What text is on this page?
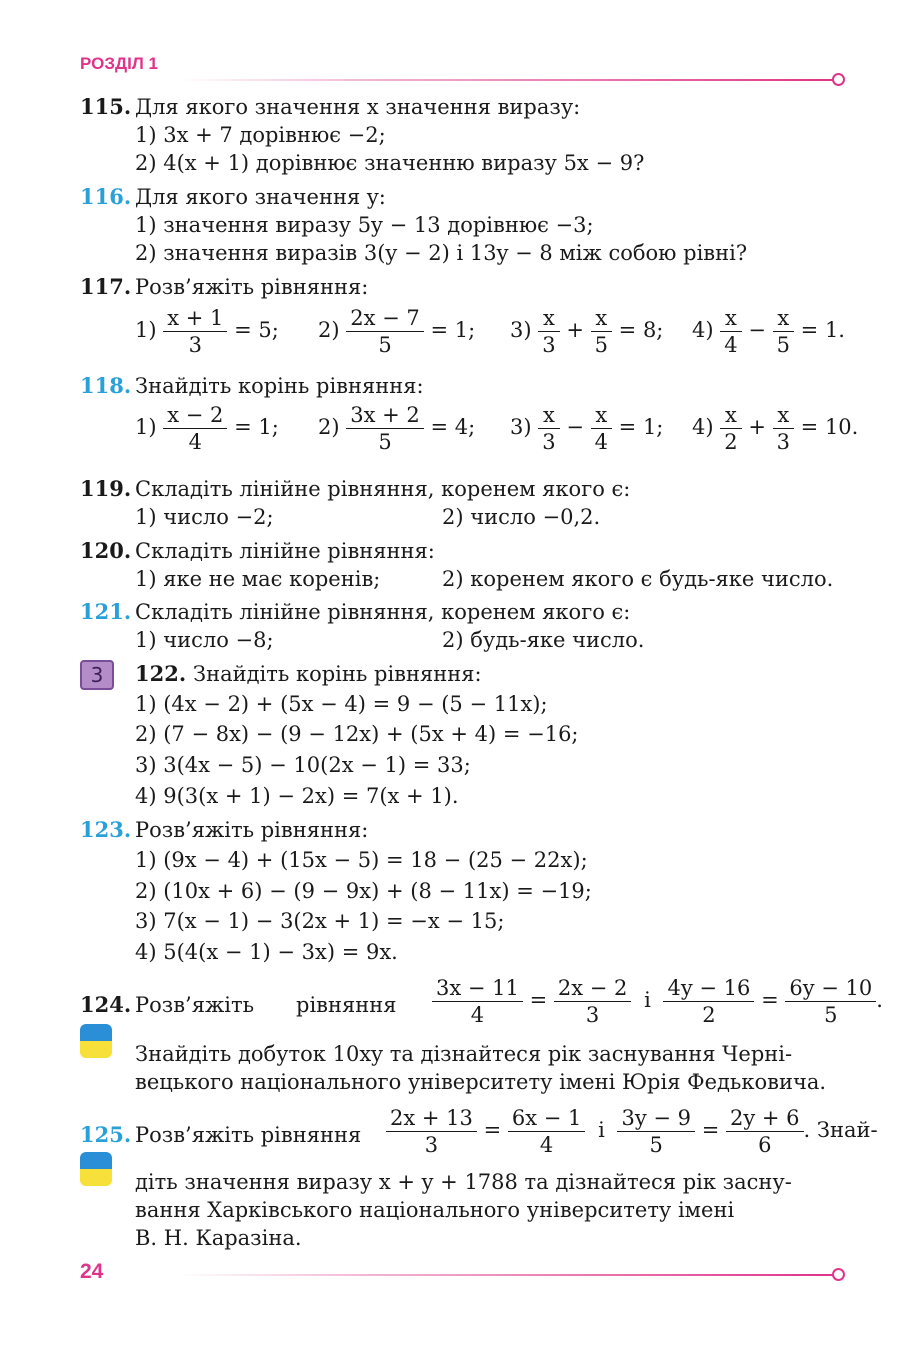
РОЗДІЛ 1
115. Для якого значення x значення виразу:
1) 3x + 7 дорівнює −2;
2) 4(x + 1) дорівнює значенню виразу 5x − 9?
116. Для якого значення y:
1) значення виразу 5y − 13 дорівнює −3;
2) значення виразів 3(y − 2) і 13y − 8 між собою рівні?
117. Розв’яжіть рівняння:
$1) \frac{x + 1}{3} = 5$; $2) \frac{2x - 7}{5} = 1$; $3) \frac{x}{3} + \frac{x}{5} = 8$; $4) \frac{x}{4} - \frac{x}{5} = 1$.
118. Знайдіть корінь рівняння:
$1) \frac{x - 2}{4} = 1$; $2) \frac{3x + 2}{5} = 4$; $3) \frac{x}{3} - \frac{x}{4} = 1$; $4) \frac{x}{2} + \frac{x}{3} = 10$.
119. Складіть лінійне рівняння, коренем якого є:
1) число −2;	2) число −0,2.
120. Складіть лінійне рівняння:
1) яке не має коренів;	2) коренем якого є будь-яке число.
121. Складіть лінійне рівняння, коренем якого є:
1) число −8;	2) будь-яке число.
3	122. Знайдіть корінь рівняння:
1) (4x − 2) + (5x − 4) = 9 − (5 − 11x);
2) (7 − 8x) − (9 − 12x) + (5x + 4) = −16;
3) 3(4x − 5) − 10(2x − 1) = 33;
4) 9(3(x + 1) − 2x) = 7(x + 1).
123. Розв’яжіть рівняння:
1) (9x − 4) + (15x − 5) = 18 − (25 − 22x);
2) (10x + 6) − (9 − 9x) + (8 − 11x) = −19;
3) 7(x − 1) − 3(2x + 1) = −x − 15;
4) 5(4(x − 1) − 3x) = 9x.
124. Розв’яжіть рівняння $\frac{3x - 11}{4} = \frac{2x - 2}{3}$ і $\frac{4y - 16}{2} = \frac{6y - 10}{5}$ .
Знайдіть добуток 10xy та дізнайтеся рік заснування Черні-
вецького національного університету імені Юрія Федьковича.
125. Розв’яжіть рівняння $\frac{2x + 13}{3} = \frac{6x - 1}{4}$ і $\frac{3y - 9}{5} = \frac{2y + 6}{6}$ . Знай-
діть значення виразу x + y + 1788 та дізнайтеся рік засну-
вання Харківського національного університету імені
В. Н. Каразіна.
24
